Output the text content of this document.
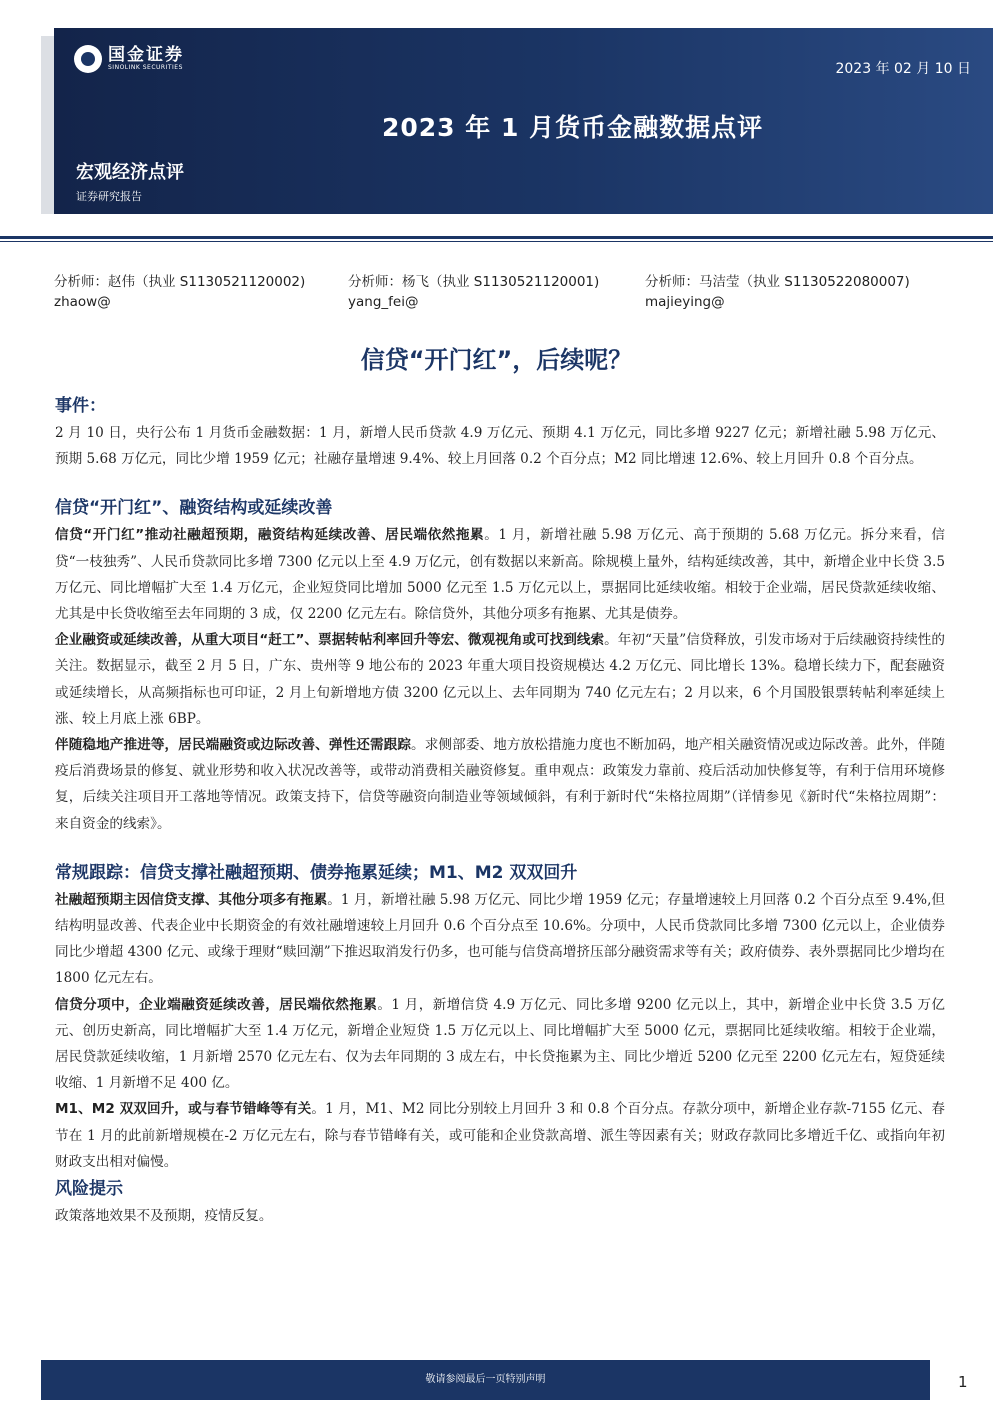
国金证券
SINOLINK SECURITIES	2023 年 02 月 10 日
2023 年 1 月货币金融数据点评
宏观经济点评
证券研究报告
分析师：赵伟（执业 S1130521120002)
zhaow@
分析师：杨飞（执业 S1130521120001)
yang_fei@
分析师：马洁莹（执业 S1130522080007)
majieying@
信贷“开门红”，后续呢？
事件：

2 月 10 日，央行公布 1 月货币金融数据：1 月，新增人民币贷款 4.9 万亿元、预期 4.1 万亿元，同比多增 9227 亿元；新增社融 5.98 万亿元、预期 5.68 万亿元，同比少增 1959 亿元；社融存量增速 9.4%、较上月回落 0.2 个百分点；M2 同比增速 12.6%、较上月回升 0.8 个百分点。

信贷“开门红”、融资结构或延续改善

信贷“开门红”推动社融超预期，融资结构延续改善、居民端依然拖累。1 月，新增社融 5.98 万亿元、高于预期的 5.68 万亿元。拆分来看，信贷“一枝独秀”、人民币贷款同比多增 7300 亿元以上至 4.9 万亿元，创有数据以来新高。除规模上量外，结构延续改善，其中，新增企业中长贷 3.5 万亿元、同比增幅扩大至 1.4 万亿元，企业短贷同比增加 5000 亿元至 1.5 万亿元以上，票据同比延续收缩。相较于企业端，居民贷款延续收缩、尤其是中长贷收缩至去年同期的 3 成，仅 2200 亿元左右。除信贷外，其他分项多有拖累、尤其是债券。

企业融资或延续改善，从重大项目“赶工”、票据转帖利率回升等宏、微观视角或可找到线索。年初“天量”信贷释放，引发市场对于后续融资持续性的关注。数据显示，截至 2 月 5 日，广东、贵州等 9 地公布的 2023 年重大项目投资规模达 4.2 万亿元、同比增长 13%。稳增长续力下，配套融资或延续增长，从高频指标也可印证，2 月上旬新增地方债 3200 亿元以上、去年同期为 740 亿元左右；2 月以来，6 个月国股银票转帖利率延续上涨、较上月底上涨 6BP。

伴随稳地产推进等，居民端融资或边际改善、弹性还需跟踪。求侧部委、地方放松措施力度也不断加码，地产相关融资情况或边际改善。此外，伴随疫后消费场景的修复、就业形势和收入状况改善等，或带动消费相关融资修复。重申观点：政策发力靠前、疫后活动加快修复等，有利于信用环境修复，后续关注项目开工落地等情况。政策支持下，信贷等融资向制造业等领域倾斜，有利于新时代“朱格拉周期”（详情参见《新时代“朱格拉周期”：来自资金的线索》。

常规跟踪：信贷支撑社融超预期、债券拖累延续；M1、M2 双双回升

社融超预期主因信贷支撑、其他分项多有拖累。1 月，新增社融 5.98 万亿元、同比少增 1959 亿元；存量增速较上月回落 0.2 个百分点至 9.4%,但结构明显改善、代表企业中长期资金的有效社融增速较上月回升 0.6 个百分点至 10.6%。分项中，人民币贷款同比多增 7300 亿元以上，企业债券同比少增超 4300 亿元、或缘于理财“赎回潮”下推迟取消发行仍多，也可能与信贷高增挤压部分融资需求等有关；政府债券、表外票据同比少增均在 1800 亿元左右。

信贷分项中，企业端融资延续改善，居民端依然拖累。1 月，新增信贷 4.9 万亿元、同比多增 9200 亿元以上，其中，新增企业中长贷 3.5 万亿元、创历史新高，同比增幅扩大至 1.4 万亿元，新增企业短贷 1.5 万亿元以上、同比增幅扩大至 5000 亿元，票据同比延续收缩。相较于企业端，居民贷款延续收缩，1 月新增 2570 亿元左右、仅为去年同期的 3 成左右，中长贷拖累为主、同比少增近 5200 亿元至 2200 亿元左右，短贷延续收缩、1 月新增不足 400 亿。

M1、M2 双双回升，或与春节错峰等有关。1 月，M1、M2 同比分别较上月回升 3 和 0.8 个百分点。存款分项中，新增企业存款-7155 亿元、春节在 1 月的此前新增规模在-2 万亿元左右，除与春节错峰有关，或可能和企业贷款高增、派生等因素有关；财政存款同比多增近千亿、或指向年初财政支出相对偏慢。

风险提示

政策落地效果不及预期，疫情反复。

敬请参阅最后一页特别声明	1
